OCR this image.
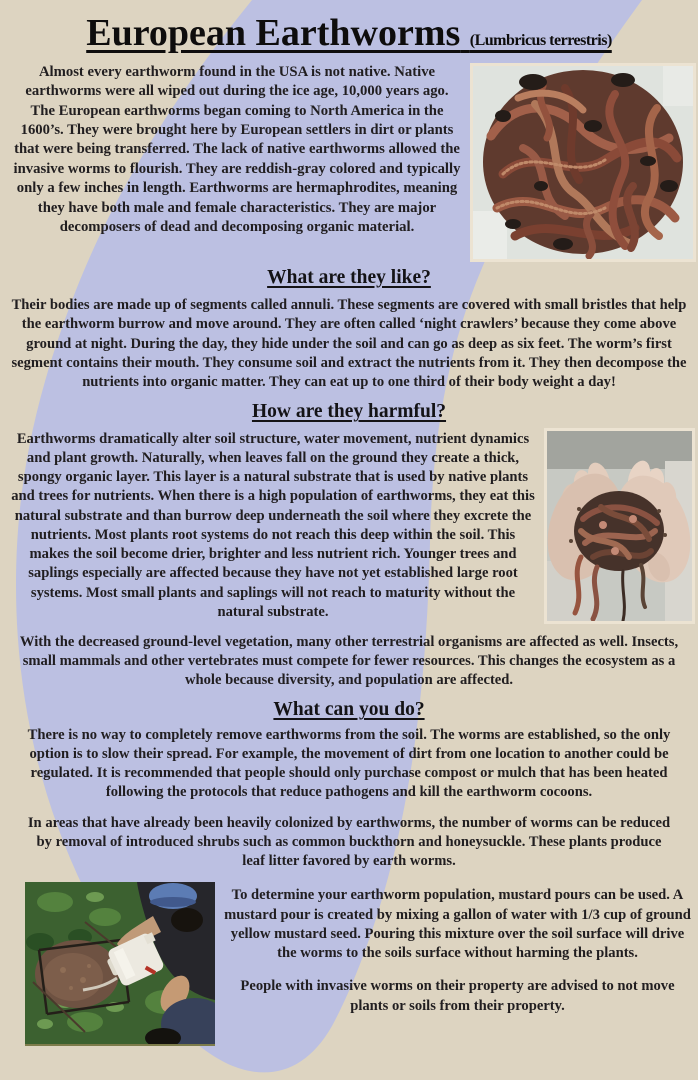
European Earthworms (Lumbricus terrestris)

Almost every earthworm found in the USA is not native. Native earthworms were all wiped out during the ice age, 10,000 years ago. The European earthworms began coming to North America in the 1600’s. They were brought here by European settlers in dirt or plants that were being transferred. The lack of native earthworms allowed the invasive worms to flourish. They are reddish-gray colored and typically only a few inches in length. Earthworms are hermaphrodites, meaning they have both male and female characteristics. They are major decomposers of dead and decomposing organic material.

What are they like?

Their bodies are made up of segments called annuli. These segments are covered with small bristles that help the earthworm burrow and move around. They are often called ‘night crawlers’ because they come above ground at night. During the day, they hide under the soil and can go as deep as six feet. The worm’s first segment contains their mouth. They consume soil and extract the nutrients from it. They then decompose the nutrients into organic matter. They can eat up to one third of their body weight a day!

How are they harmful?

Earthworms dramatically alter soil structure, water movement, nutrient dynamics and plant growth. Naturally, when leaves fall on the ground they create a thick, spongy organic layer. This layer is a natural substrate that is used by native plants and trees for nutrients. When there is a high population of earthworms, they eat this natural substrate and than burrow deep underneath the soil where they excrete the nutrients. Most plants root systems do not reach this deep within the soil. This makes the soil become drier, brighter and less nutrient rich. Younger trees and saplings especially are affected because they have not yet established large root systems. Most small plants and saplings will not reach to maturity without the natural substrate.

With the decreased ground-level vegetation, many other terrestrial organisms are affected as well. Insects, small mammals and other vertebrates must compete for fewer resources. This changes the ecosystem as a whole because diversity, and population are affected.

What can you do?

There is no way to completely remove earthworms from the soil. The worms are established, so the only option is to slow their spread. For example, the movement of dirt from one location to another could be regulated. It is recommended that people should only purchase compost or mulch that has been heated following the protocols that reduce pathogens and kill the earthworm cocoons.

In areas that have already been heavily colonized by earthworms, the number of worms can be reduced by removal of introduced shrubs such as common buckthorn and honeysuckle. These plants produce leaf litter favored by earth worms.

To determine your earthworm population, mustard pours can be used. A mustard pour is created by mixing a gallon of water with 1/3 cup of ground yellow mustard seed. Pouring this mixture over the soil surface will drive the worms to the soils surface without harming the plants.

People with invasive worms on their property are advised to not move plants or soils from their property.
